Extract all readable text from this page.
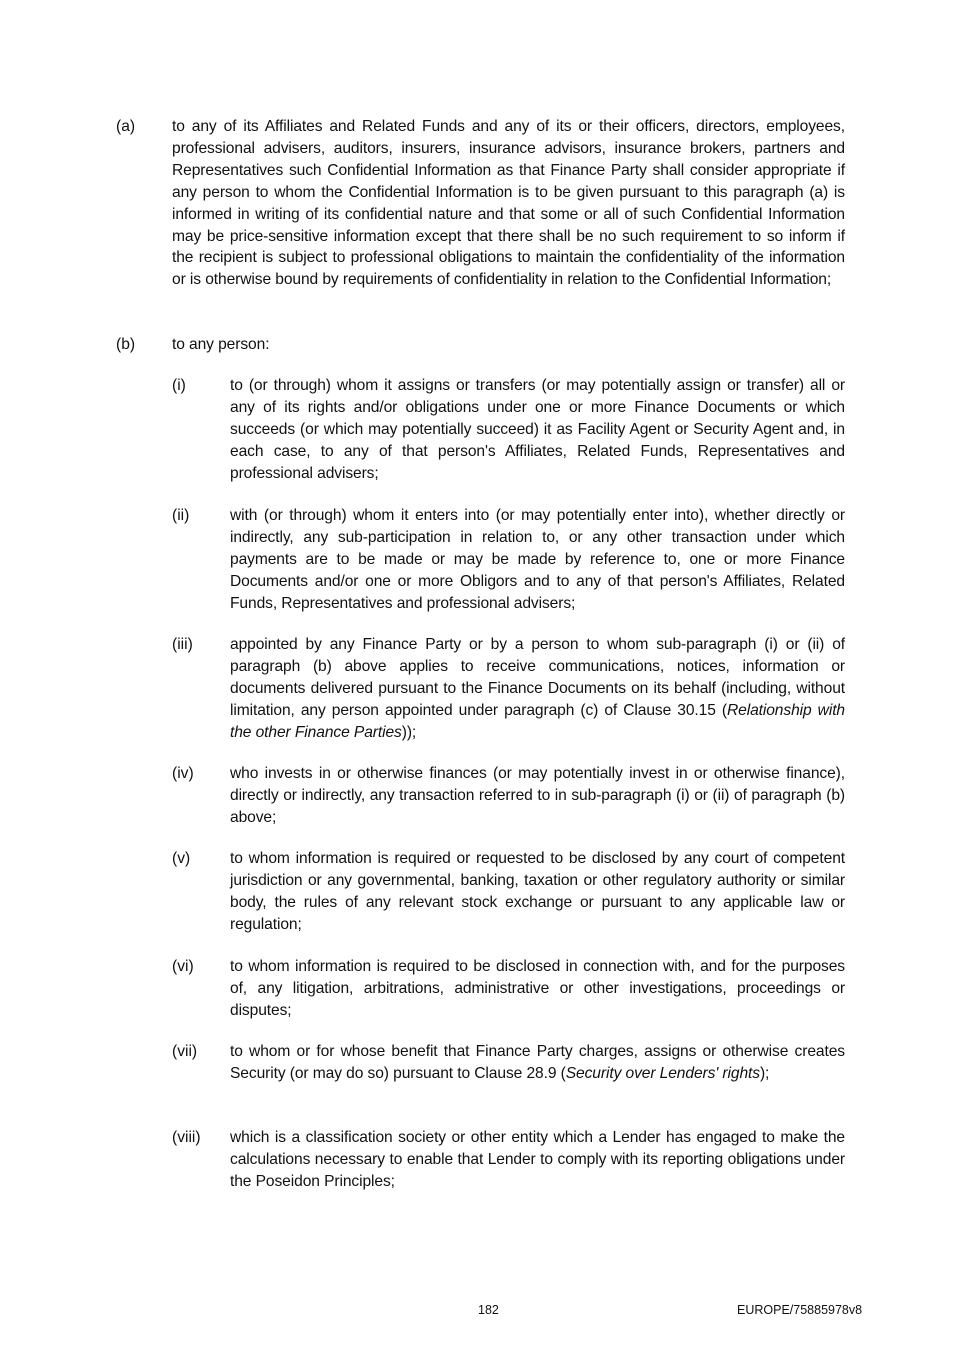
(a) to any of its Affiliates and Related Funds and any of its or their officers, directors, employees, professional advisers, auditors, insurers, insurance advisors, insurance brokers, partners and Representatives such Confidential Information as that Finance Party shall consider appropriate if any person to whom the Confidential Information is to be given pursuant to this paragraph (a) is informed in writing of its confidential nature and that some or all of such Confidential Information may be price-sensitive information except that there shall be no such requirement to so inform if the recipient is subject to professional obligations to maintain the confidentiality of the information or is otherwise bound by requirements of confidentiality in relation to the Confidential Information;
(b) to any person:
(i)	to (or through) whom it assigns or transfers (or may potentially assign or transfer) all or any of its rights and/or obligations under one or more Finance Documents or which succeeds (or which may potentially succeed) it as Facility Agent or Security Agent and, in each case, to any of that person's Affiliates, Related Funds, Representatives and professional advisers;
(ii)	with (or through) whom it enters into (or may potentially enter into), whether directly or indirectly, any sub-participation in relation to, or any other transaction under which payments are to be made or may be made by reference to, one or more Finance Documents and/or one or more Obligors and to any of that person's Affiliates, Related Funds, Representatives and professional advisers;
(iii) appointed by any Finance Party or by a person to whom sub-paragraph (i) or (ii) of paragraph (b) above applies to receive communications, notices, information or documents delivered pursuant to the Finance Documents on its behalf (including, without limitation, any person appointed under paragraph (c) of Clause 30.15 (Relationship with the other Finance Parties));
(iv) who invests in or otherwise finances (or may potentially invest in or otherwise finance), directly or indirectly, any transaction referred to in sub-paragraph (i) or (ii) of paragraph (b) above;
(v)	to whom information is required or requested to be disclosed by any court of competent jurisdiction or any governmental, banking, taxation or other regulatory authority or similar body, the rules of any relevant stock exchange or pursuant to any applicable law or regulation;
(vi) to whom information is required to be disclosed in connection with, and for the purposes of, any litigation, arbitrations, administrative or other investigations, proceedings or disputes;
(vii) to whom or for whose benefit that Finance Party charges, assigns or otherwise creates Security (or may do so) pursuant to Clause 28.9 (Security over Lenders' rights);
(viii) which is a classification society or other entity which a Lender has engaged to make the calculations necessary to enable that Lender to comply with its reporting obligations under the Poseidon Principles;
182	EUROPE/75885978v8
